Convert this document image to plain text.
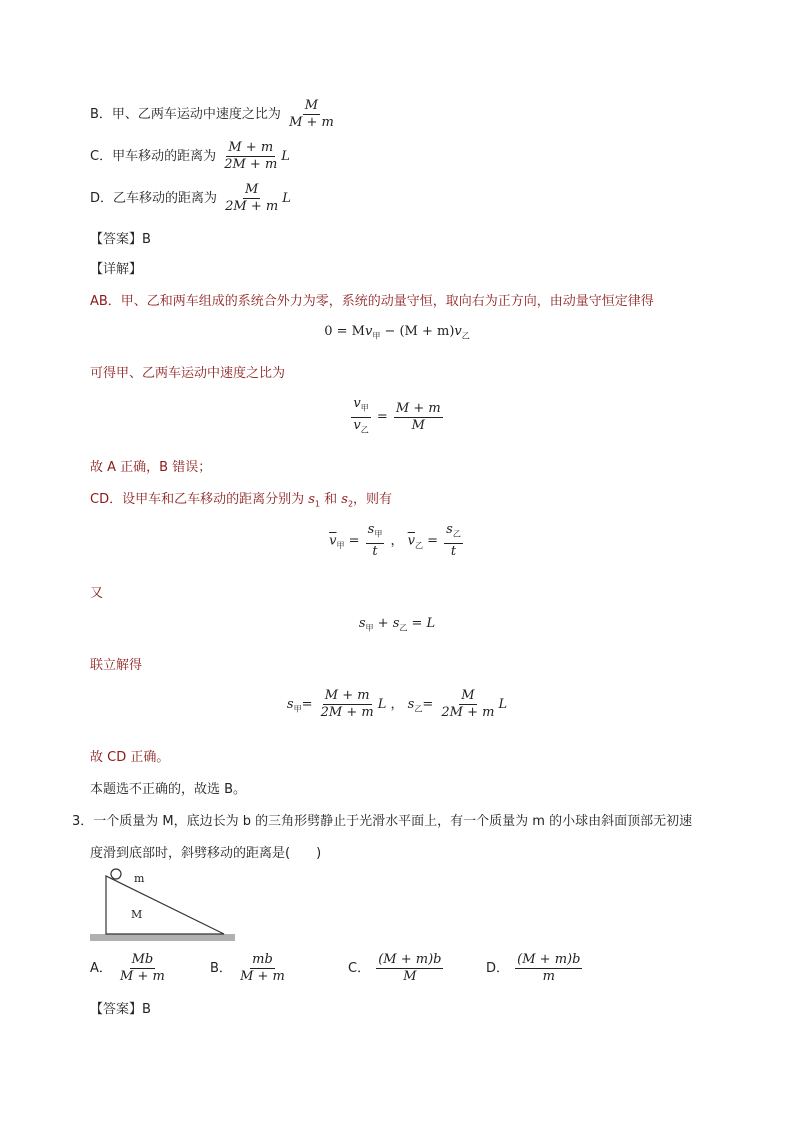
B．甲、乙两车运动中速度之比为 $\frac{M}{M + m}$
C．甲车移动的距离为 $\frac{M + m}{2M + m}$ L
D．乙车移动的距离为 $\frac{M}{2M + m}$ L
【答案】B
【详解】
AB．甲、乙和两车组成的系统合外力为零，系统的动量守恒，取向右为正方向，由动量守恒定律得
$0 = Mv_甲 - (M + m)v_乙$
可得甲、乙两车运动中速度之比为
$\frac{v_甲}{v_乙} = \frac{M + m}{M}$
故 A 正确，B 错误；
CD．设甲车和乙车移动的距离分别为 $s_1$ 和 $s_2$，则有
$\overline{v}_甲 = \frac{s_甲}{t}$ ， $\overline{v}_乙 = \frac{s_乙}{t}$
又
$s_甲 + s_乙 = L$
联立解得
$s_甲= \frac{M + m}{2M + m}$ L ， $s_乙= \frac{M}{2M + m}$ L
故 CD 正确。
本题选不正确的，故选 B。
3．一个质量为 M，底边长为 b 的三角形劈静止于光滑水平面上，有一个质量为 m 的小球由斜面顶部无初速
度滑到底部时，斜劈移动的距离是(　　)
m
M
A． $\frac{Mb}{M + m}$	B． $\frac{mb}{M + m}$	C． $\frac{(M + m)b}{M}$	D． $\frac{(M + m)b}{m}$
【答案】B
